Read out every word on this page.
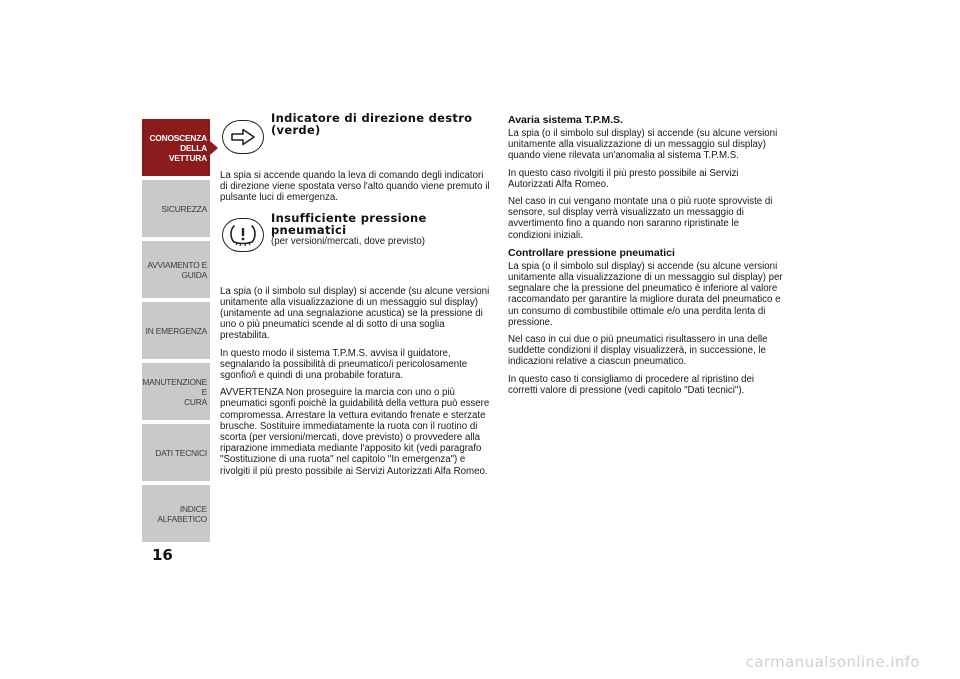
CONOSCENZA
DELLA VETTURA
SICUREZZA
AVVIAMENTO E
GUIDA
IN EMERGENZA
MANUTENZIONE E
CURA
DATI TECNICI
INDICE ALFABETICO
16
Indicatore di direzione destro (verde)

La spia si accende quando la leva di comando degli indicatori di direzione viene spostata verso l'alto quando viene premuto il pulsante luci di emergenza.

Insufficiente pressione pneumatici
(per versioni/mercati, dove previsto)

La spia (o il simbolo sul display) si accende (su alcune versioni unitamente alla visualizzazione di un messaggio sul display) (unitamente ad una segnalazione acustica) se la pressione di uno o più pneumatici scende al di sotto di una soglia prestabilita.

In questo modo il sistema T.P.M.S. avvisa il guidatore, segnalando la possibilità di pneumatico/i pericolosamente sgonfio/i e quindi di una probabile foratura.

AVVERTENZA Non proseguire la marcia con uno o più pneumatici sgonfi poichè la guidabilità della vettura può essere compromessa. Arrestare la vettura evitando frenate e sterzate brusche. Sostituire immediatamente la ruota con il ruotino di scorta (per versioni/mercati, dove previsto) o provvedere alla riparazione immediata mediante l'apposito kit (vedi paragrafo "Sostituzione di una ruota" nel capitolo "In emergenza") e rivolgiti il più presto possibile ai Servizi Autorizzati Alfa Romeo.

Avaria sistema T.P.M.S.

La spia (o il simbolo sul display) si accende (su alcune versioni unitamente alla visualizzazione di un messaggio sul display) quando viene rilevata un'anomalia al sistema T.P.M.S.

In questo caso rivolgiti il più presto possibile ai Servizi Autorizzati Alfa Romeo.

Nel caso in cui vengano montate una o più ruote sprovviste di sensore, sul display verrà visualizzato un messaggio di avvertimento fino a quando non saranno ripristinate le condizioni iniziali.

Controllare pressione pneumatici

La spia (o il simbolo sul display) si accende (su alcune versioni unitamente alla visualizzazione di un messaggio sul display) per segnalare che la pressione del pneumatico è inferiore al valore raccomandato per garantire la migliore durata del pneumatico e un consumo di combustibile ottimale e/o una perdita lenta di pressione.

Nel caso in cui due o più pneumatici risultassero in una delle suddette condizioni il display visualizzerà, in successione, le indicazioni relative a ciascun pneumatico.

In questo caso ti consigliamo di procedere al ripristino dei corretti valore di pressione (vedi capitolo "Dati tecnici").

carmanualsonline.info
